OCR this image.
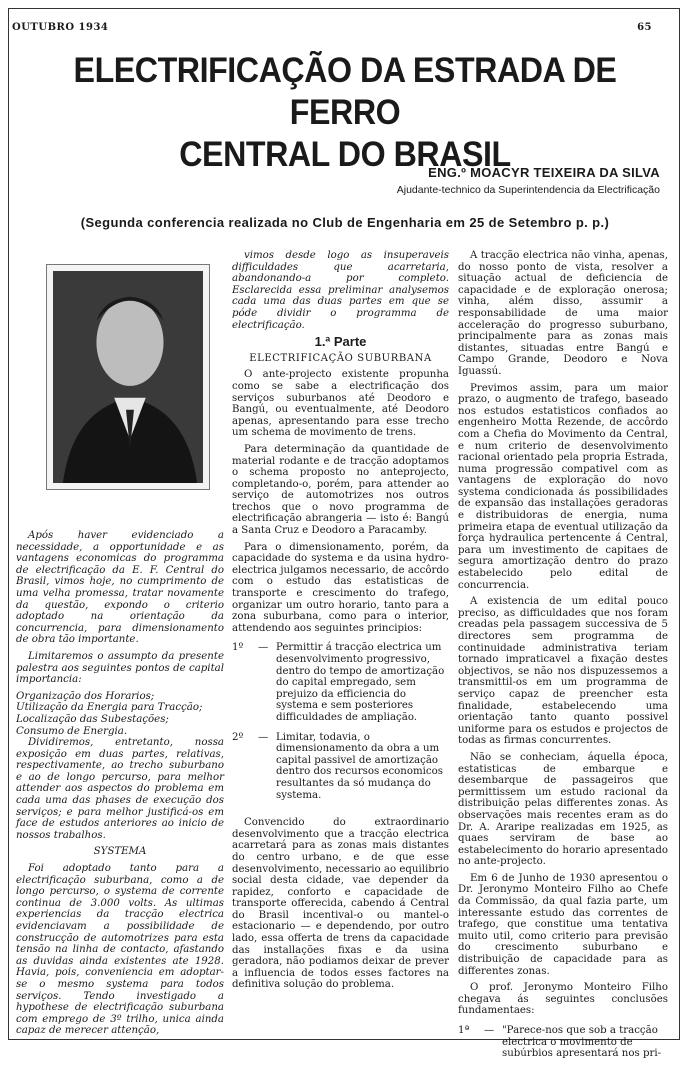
OUTUBRO 1934	65
ELECTRIFICAÇÃO DA ESTRADA DE FERRO
CENTRAL DO BRASIL
ENG.º MOACYR TEIXEIRA DA SILVA
Ajudante-technico da Superintendencia da Electrificação
(Segunda conferencia realizada no Club de Engenharia em 25 de Setembro p. p.)

Após haver evidenciado a necessidade, a opportunidade e as vantagens economicas do programma de electrificação da E. F. Central do Brasil, vimos hoje, no cumprimento de uma velha promessa, tratar novamente da questão, expondo o criterio adoptado na orientação da concurrencia, para dimensionamento de obra tão importante.

Limitaremos o assumpto da presente palestra aos seguintes pontos de capital importancia:

Organização dos Horarios;

Utilização da Energia para Tracção;

Localização das Subestações;

Consumo de Energia.

Dividiremos, entretanto, nossa exposição em duas partes, relativas, respectivamente, ao trecho suburbano e ao de longo percurso, para melhor attender aos aspectos do problema em cada uma das phases de execução dos serviços; e para melhor justificá-os em face de estudos anteriores ao inicio de nossos trabalhos.

SYSTEMA

Foi adoptado tanto para a electrificação suburbana, como a de longo percurso, o systema de corrente continua de 3.000 volts. As ultimas experiencias da tracção electrica evidenciavam a possibilidade de construcção de automotrizes para esta tensão na linha de contacto, afastando as duvidas ainda existentes ate 1928. Havia, pois, conveniencia em adoptar-se o mesmo systema para todos serviços. Tendo investigado a hypothese de electrificação suburbana com emprego de 3º trilho, unica ainda capaz de merecer attenção,

vimos desde logo as insuperaveis difficuldades que acarretaria, abandonando-a por completo. Esclarecida essa preliminar analysemos cada uma das duas partes em que se póde dividir o programma de electrificação.

1.ª Parte

ELECTRIFICAÇÃO SUBURBANA

O ante-projecto existente propunha como se sabe a electrificação dos serviços suburbanos até Deodoro e Bangú, ou eventualmente, até Deodoro apenas, apresentando para esse trecho um schema de movimento de trens.

Para determinação da quantidade de material rodante e de tracção adoptamos o schema proposto no anteprojecto, completando-o, porém, para attender ao serviço de automotrizes nos outros trechos que o novo programma de electrificação abrangeria — isto é: Bangú a Santa Cruz e Deodoro a Paracamby.

Para o dimensionamento, porém, da capacidade do systema e da usina hydro-electrica julgamos necessario, de accôrdo com o estudo das estatisticas de transporte e crescimento do trafego, organizar um outro horario, tanto para a zona suburbana, como para o interior, attendendo aos seguintes principios:

1º	— Permittir á tracção electrica um desenvolvimento progressivo, dentro do tempo de amortização do capital empregado, sem prejuizo da efficiencia do systema e sem posteriores difficuldades de ampliação.
2º	— Limitar, todavia, o dimensionamento da obra a um capital passivel de amortização dentro dos recursos economicos resultantes da só mudança do systema.

Convencido do extraordinario desenvolvimento que a tracção electrica acarretará para as zonas mais distantes do centro urbano, e de que esse desenvolvimento, necessario ao equilibrio social desta cidade, vae depender da rapidez, conforto e capacidade de transporte offerecida, cabendo á Central do Brasil incentival-o ou mantel-o estacionario — e dependendo, por outro lado, essa offerta de trens da capacidade das installações fixas e da usina geradora, não podiamos deixar de prever a influencia de todos esses factores na definitiva solução do problema.

A tracção electrica não vinha, apenas, do nosso ponto de vista, resolver a situação actual de deficiencia de capacidade e de exploração onerosa; vinha, além disso, assumir a responsabilidade de uma maior acceleração do progresso suburbano, principalmente para as zonas mais distantes, situadas entre Bangú e Campo Grande, Deodoro e Nova Iguassú.

Previmos assim, para um maior prazo, o augmento de trafego, baseado nos estudos estatisticos confiados ao engenheiro Motta Rezende, de accôrdo com a Chefia do Movimento da Central, e num criterio de desenvolvimento racional orientado pela propria Estrada, numa progressão compativel com as vantagens de exploração do novo systema condicionada ás possibilidades de expansão das installações geradoras e distribuidoras de energia, numa primeira etapa de eventual utilização da força hydraulica pertencente á Central, para um investimento de capitaes de segura amortização dentro do prazo estabelecido pelo edital de concurrencia.

A existencia de um edital pouco preciso, as difficuldades que nos foram creadas pela passagem successiva de 5 directores sem programma de continuidade administrativa teriam tornado impraticavel a fixação destes objectivos, se não nos dispuzessemos a transmittil-os em um programma de serviço capaz de preencher esta finalidade, estabelecendo uma orientação tanto quanto possivel uniforme para os estudos e projectos de todas as firmas concurrentes.

Não se conheciam, áquella época, estatisticas de embarque e desembarque de passageiros que permittissem um estudo racional da distribuição pelas differentes zonas. As observações mais recentes eram as do Dr. A. Araripe realizadas em 1925, as quaes serviram de base ao estabelecimento do horario apresentado no ante-projecto.

Em 6 de Junho de 1930 apresentou o Dr. Jeronymo Monteiro Filho ao Chefe da Commissão, da qual fazia parte, um interessante estudo das correntes de trafego, que constitue uma tentativa muito util, como criterio para previsão do crescimento suburbano e distribuição de capacidade para as differentes zonas.

O prof. Jeronymo Monteiro Filho chegava ás seguintes conclusões fundamentaes:

1ª	— "Parece-nos que sob a tracção electrica o movimento de subúrbios apresentará nos pri-
